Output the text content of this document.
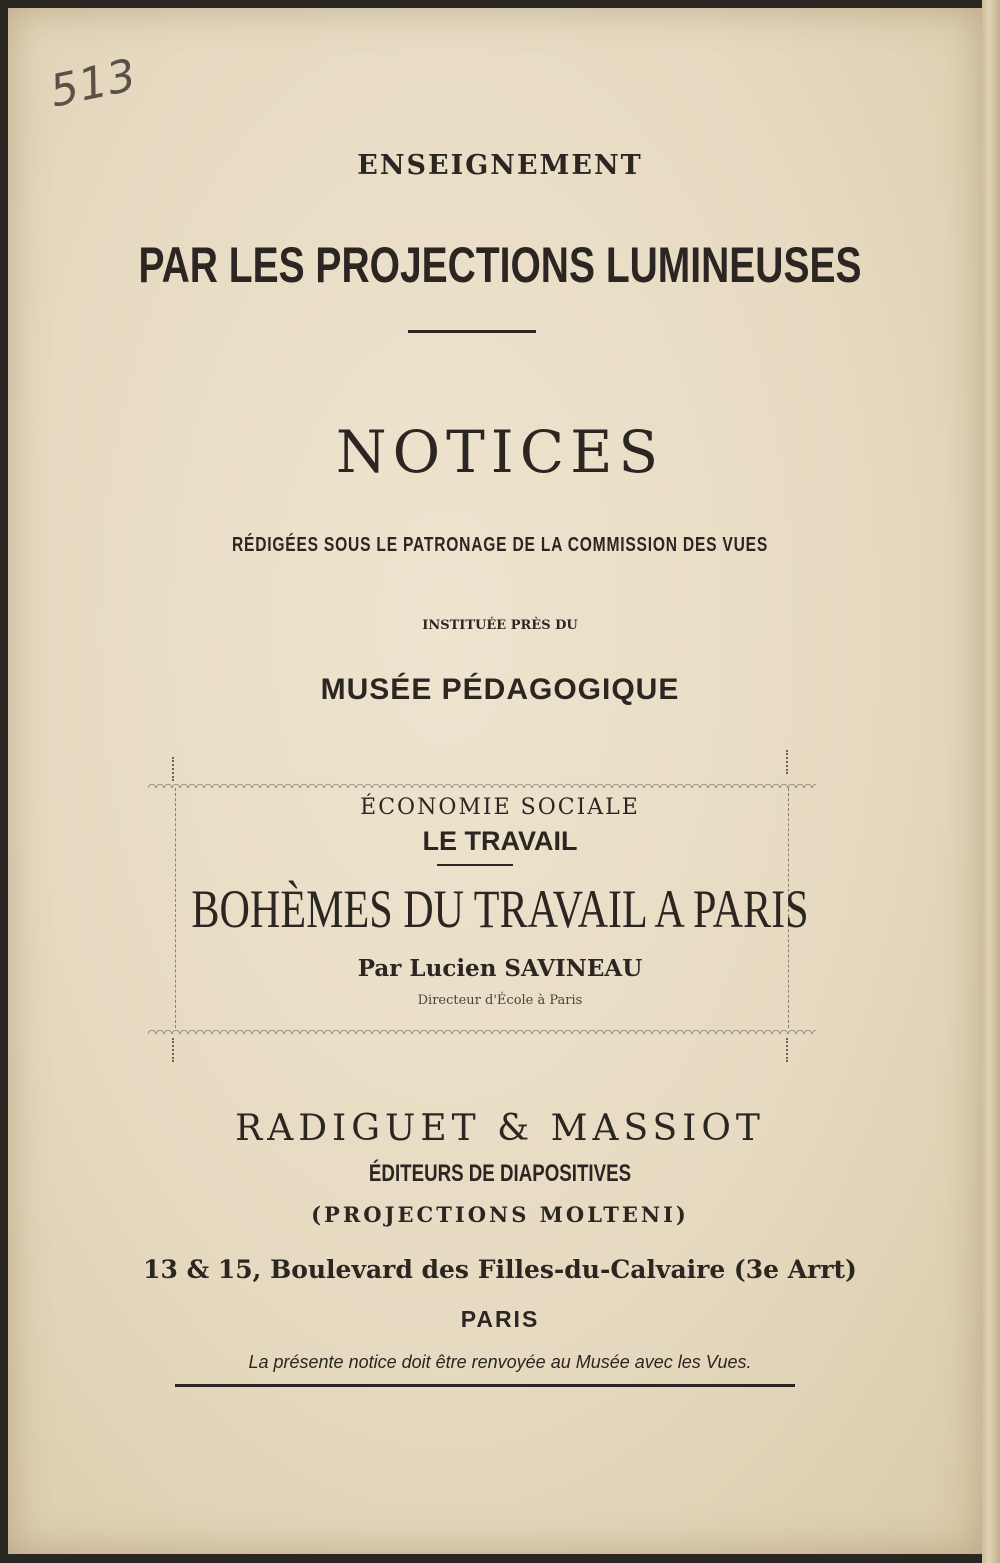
513
ENSEIGNEMENT
PAR LES PROJECTIONS LUMINEUSES
NOTICES
RÉDIGÉES SOUS LE PATRONAGE DE LA COMMISSION DES VUES
INSTITUÉE PRÈS DU
MUSÉE PÉDAGOGIQUE
ÉCONOMIE SOCIALE
LE TRAVAIL
BOHÈMES DU TRAVAIL A PARIS
Par Lucien SAVINEAU
Directeur d'École à Paris
RADIGUET & MASSIOT
ÉDITEURS DE DIAPOSITIVES
(PROJECTIONS MOLTENI)
13 & 15, Boulevard des Filles-du-Calvaire (3e Arrt)
PARIS
La présente notice doit être renvoyée au Musée avec les Vues.
